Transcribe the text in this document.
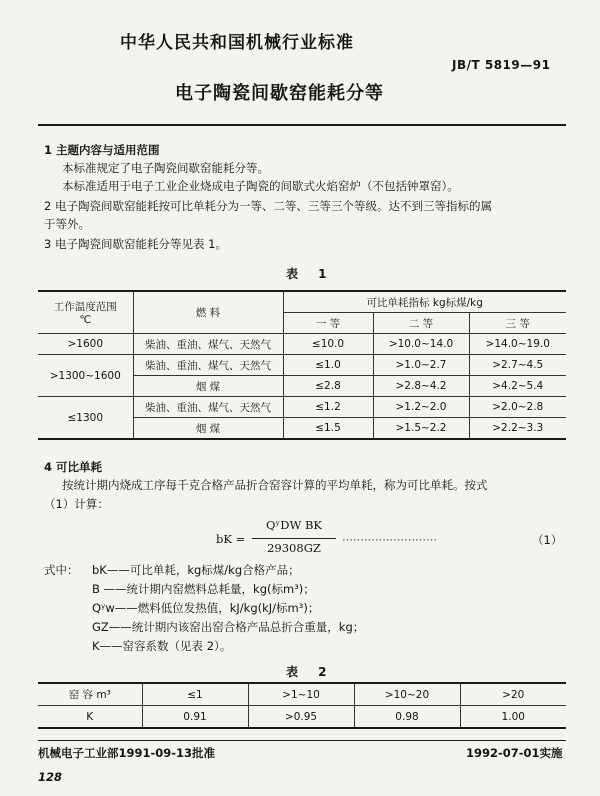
中华人民共和国机械行业标准
JB/T 5819—91
电子陶瓷间歇窑能耗分等
1 主题内容与适用范围
本标准规定了电子陶瓷间歇窑能耗分等。
本标准适用于电子工业企业烧成电子陶瓷的间歇式火焰窑炉（不包括钟罩窑）。
2 电子陶瓷间歇窑能耗按可比单耗分为一等、二等、三等三个等级。达不到三等指标的属
于等外。
3 电子陶瓷间歇窑能耗分等见表 1。
表 1
工作温度范围
℃	燃 料	可比单耗指标 kg标煤/kg		
		一 等	二 等	三 等
>1600	柴油、重油、煤气、天然气	≤10.0	>10.0~14.0	>14.0~19.0
>1300~1600	柴油、重油、煤气、天然气	≤1.0	>1.0~2.7	>2.7~4.5
	烟 煤	≤2.8	>2.8~4.2	>4.2~5.4
≤1300	柴油、重油、煤气、天然气	≤1.2	>1.2~2.0	>2.0~2.8
	烟 煤	≤1.5	>1.5~2.2	>2.2~3.3
4 可比单耗
按统计期内烧成工序每千克合格产品折合窑容计算的平均单耗，称为可比单耗。按式
（1）计算：
bK =
QʸDW BK
29308GZ
··························	（1）
式中： bK——可比单耗，kg标煤/kg合格产品；
B ——统计期内窑燃料总耗量，kg(标m³)；
Qʸw——燃料低位发热值，kJ/kg(kJ/标m³)；
GZ——统计期内该窑出窑合格产品总折合重量，kg；
K——窑容系数（见表 2）。
表 2
窑 容 m³	≤1	>1~10	>10~20	>20
K	0.91	>0.95	0.98	1.00
机械电子工业部1991-09-13批准	1992-07-01实施
128
